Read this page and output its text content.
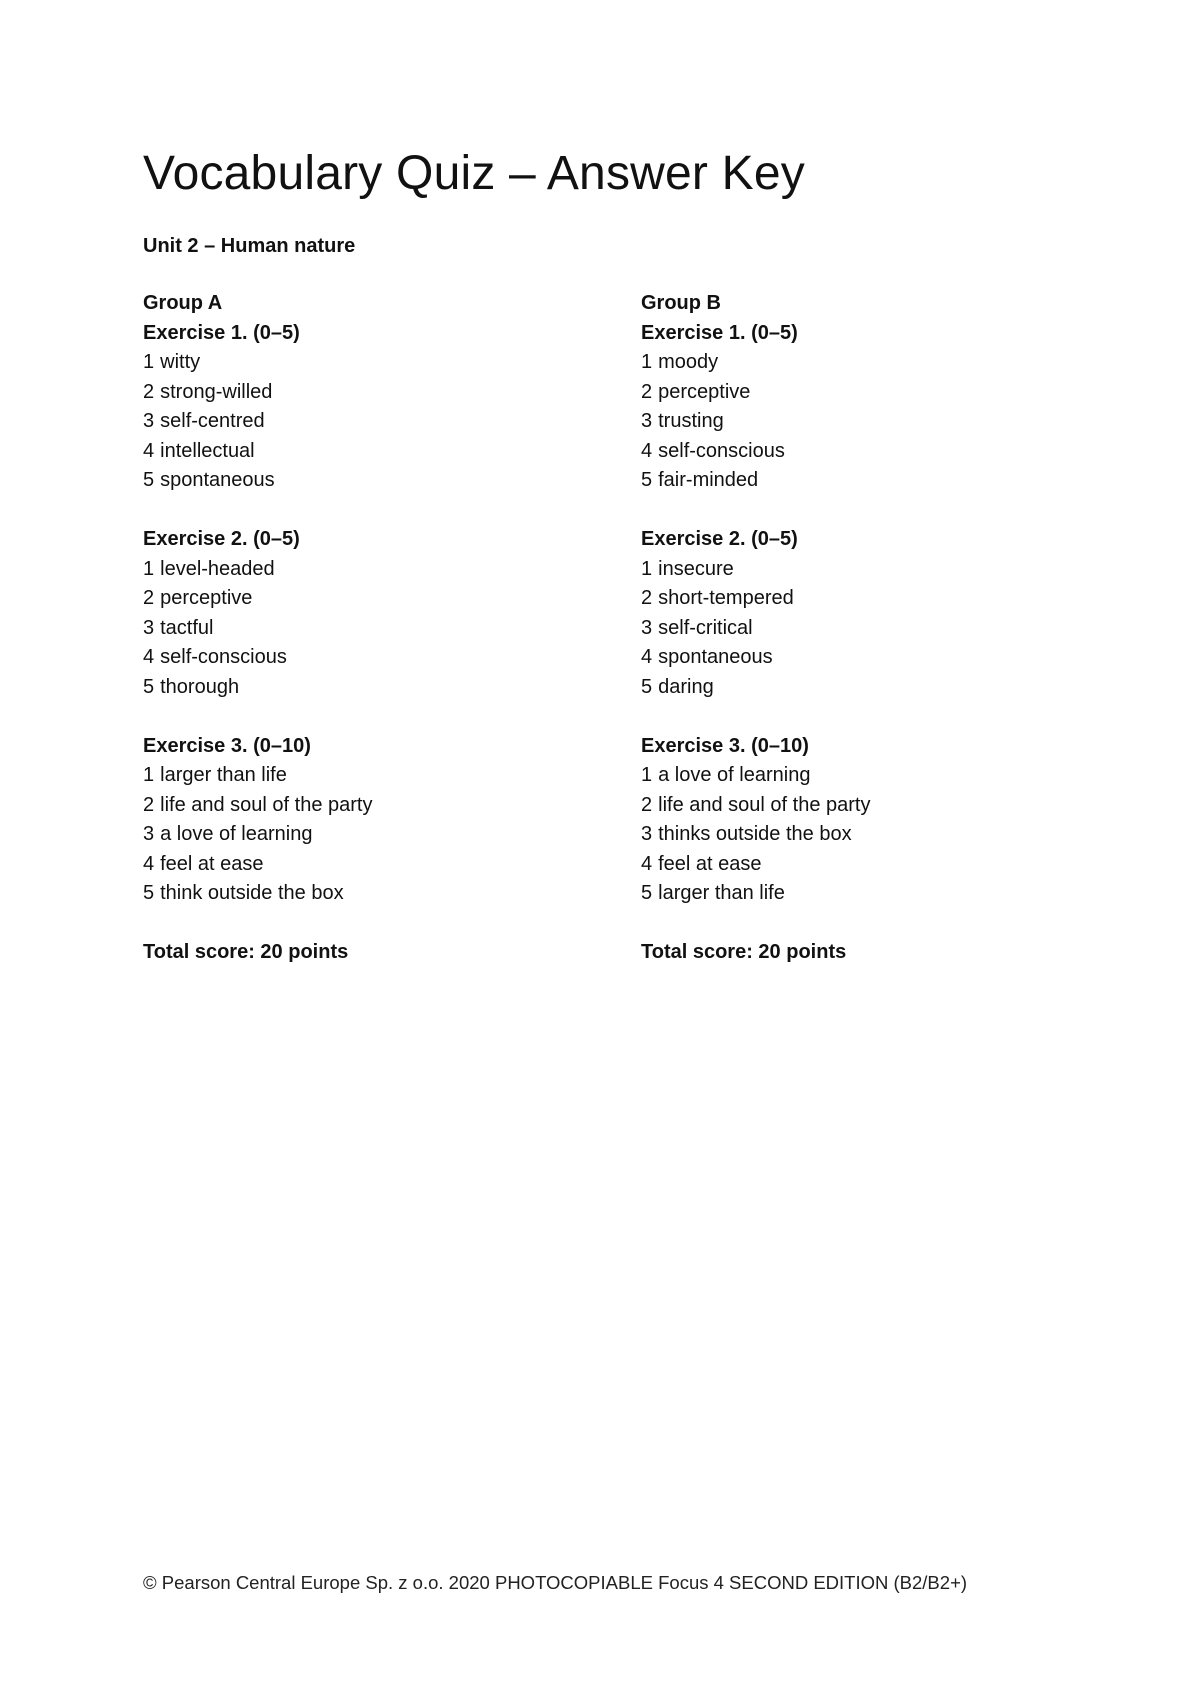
Vocabulary Quiz – Answer Key
Unit 2 – Human nature
Group A
Exercise 1. (0–5)
1 witty
2 strong-willed
3 self-centred
4 intellectual
5 spontaneous
Exercise 2. (0–5)
1 level-headed
2 perceptive
3 tactful
4 self-conscious
5 thorough
Exercise 3. (0–10)
1 larger than life
2 life and soul of the party
3 a love of learning
4 feel at ease
5 think outside the box
Total score: 20 points
Group B
Exercise 1. (0–5)
1 moody
2 perceptive
3 trusting
4 self-conscious
5 fair-minded
Exercise 2. (0–5)
1 insecure
2 short-tempered
3 self-critical
4 spontaneous
5 daring
Exercise 3. (0–10)
1 a love of learning
2 life and soul of the party
3 thinks outside the box
4 feel at ease
5 larger than life
Total score: 20 points
© Pearson Central Europe Sp. z o.o. 2020 PHOTOCOPIABLE Focus 4 SECOND EDITION (B2/B2+)
